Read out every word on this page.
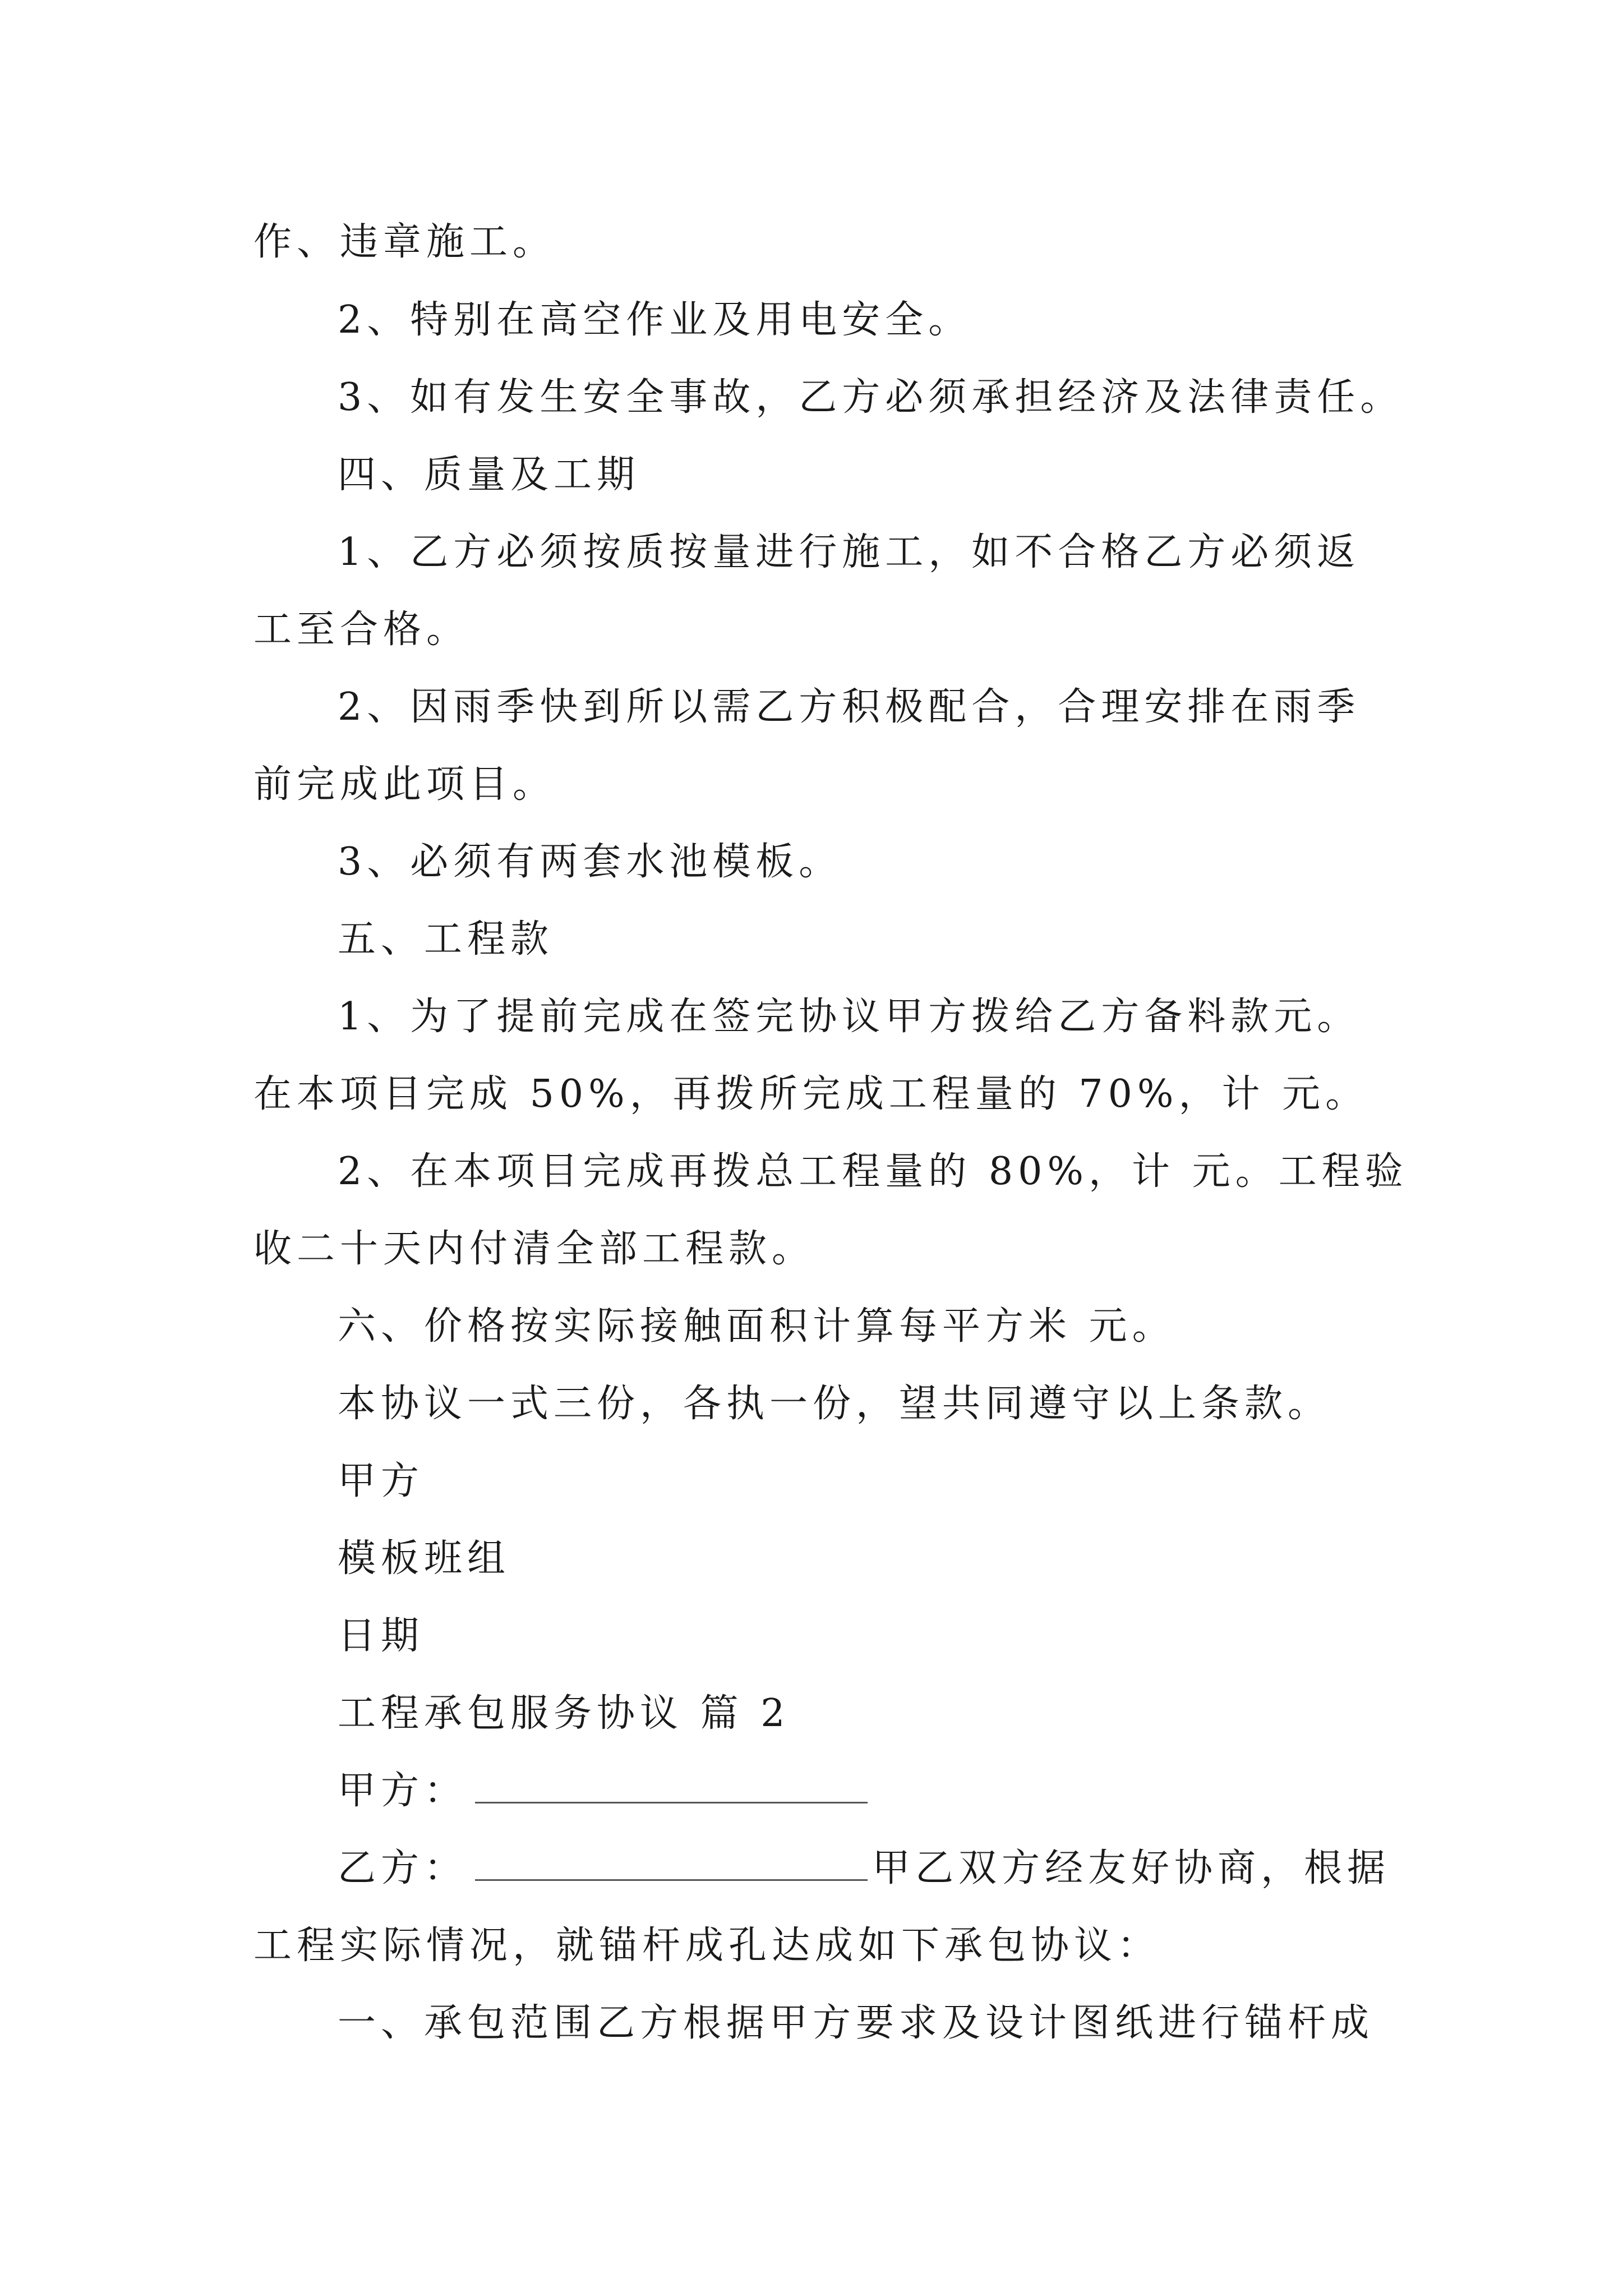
作、违章施工。
2、特别在高空作业及用电安全。
3、如有发生安全事故，乙方必须承担经济及法律责任。
四、质量及工期
1、乙方必须按质按量进行施工，如不合格乙方必须返
工至合格。
2、因雨季快到所以需乙方积极配合，合理安排在雨季
前完成此项目。
3、必须有两套水池模板。
五、工程款
1、为了提前完成在签完协议甲方拨给乙方备料款元。
在本项目完成 50%，再拨所完成工程量的 70%，计 元。
2、在本项目完成再拨总工程量的 80%，计 元。工程验
收二十天内付清全部工程款。
六、价格按实际接触面积计算每平方米 元。
本协议一式三份，各执一份，望共同遵守以上条款。
甲方
模板班组
日期
工程承包服务协议 篇 2
甲方：
乙方：	甲乙双方经友好协商，根据
工程实际情况，就锚杆成孔达成如下承包协议：
一、承包范围乙方根据甲方要求及设计图纸进行锚杆成
